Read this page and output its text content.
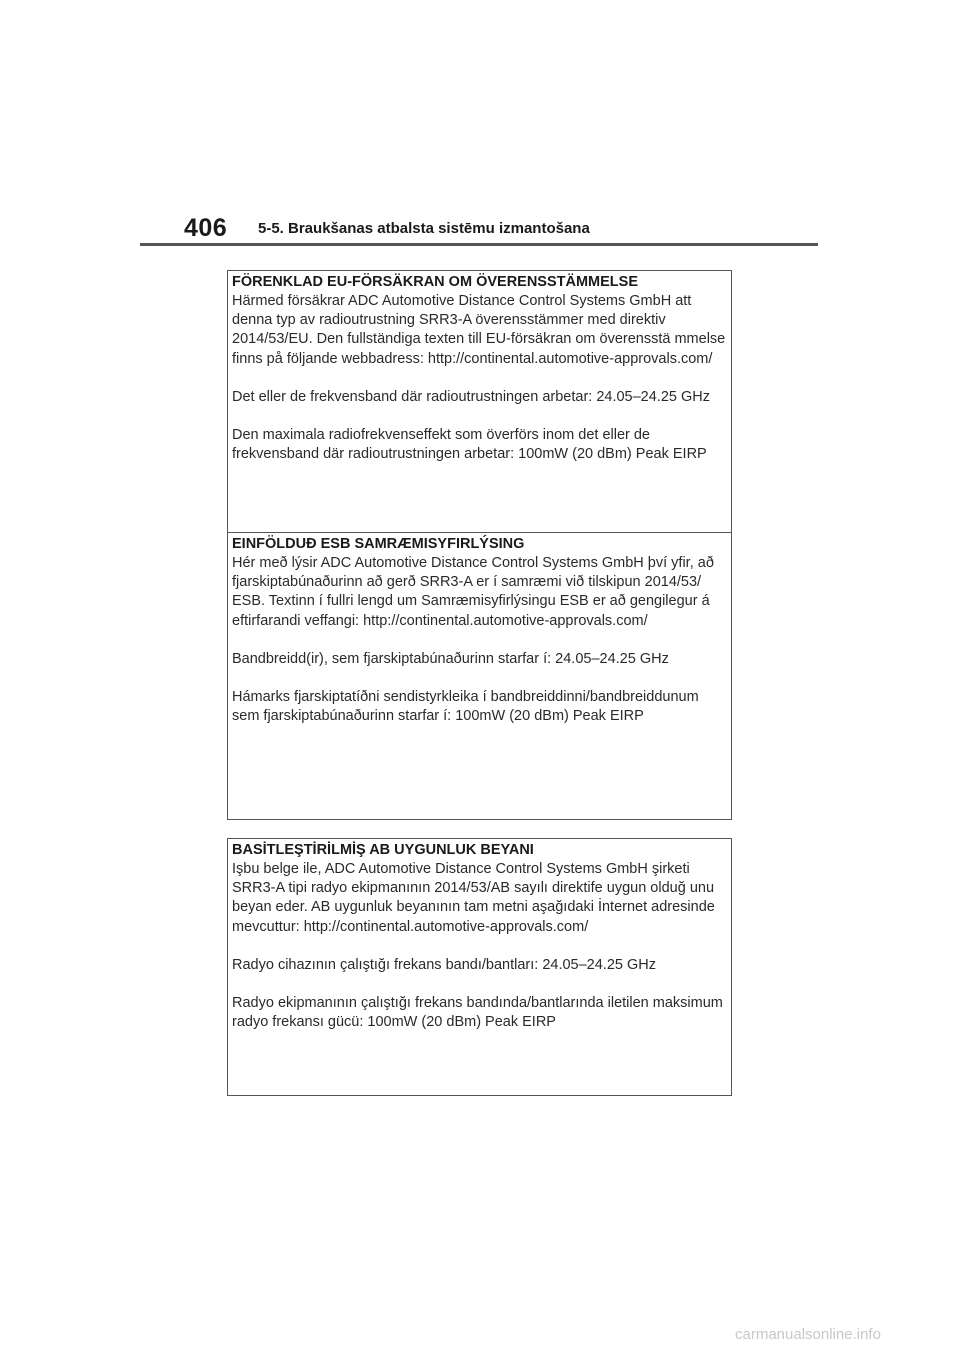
406 5-5. Braukšanas atbalsta sistēmu izmantošana
FÖRENKLAD EU-FÖRSÄKRAN OM ÖVERENSSTÄMMELSE

Härmed försäkrar ADC Automotive Distance Control Systems GmbH att denna typ av radioutrustning SRR3-A överensstämmer med direktiv 2014/53/EU. Den fullständiga texten till EU-försäkran om överensstä mmelse finns på följande webbadress: http://continental.automotive-approvals.com/

Det eller de frekvensband där radioutrustningen arbetar: 24.05–24.25 GHz

Den maximala radiofrekvenseffekt som överförs inom det eller de frekvensband där radioutrustningen arbetar: 100mW (20 dBm) Peak EIRP

EINFÖLDUÐ ESB SAMRÆMISYFIRLÝSING

Hér með lýsir ADC Automotive Distance Control Systems GmbH því yfir, að fjarskiptabúnaðurinn að gerð SRR3-A er í samræmi við tilskipun 2014/53/ ESB. Textinn í fullri lengd um Samræmisyfirlýsingu ESB er að gengilegur á eftirfarandi veffangi: http://continental.automotive-approvals.com/

Bandbreidd(ir), sem fjarskiptabúnaðurinn starfar í: 24.05–24.25 GHz

Hámarks fjarskiptatíðni sendistyrkleika í bandbreiddinni/bandbreiddunum sem fjarskiptabúnaðurinn starfar í: 100mW (20 dBm) Peak EIRP

BASİTLEŞTİRİLMİŞ AB UYGUNLUK BEYANI

Işbu belge ile, ADC Automotive Distance Control Systems GmbH şirketi SRR3-A tipi radyo ekipmanının 2014/53/AB sayılı direktife uygun olduğ unu beyan eder. AB uygunluk beyanının tam metni aşağıdaki İnternet adresinde mevcuttur: http://continental.automotive-approvals.com/

Radyo cihazının çalıştığı frekans bandı/bantları: 24.05–24.25 GHz

Radyo ekipmanının çalıştığı frekans bandında/bantlarında iletilen maksimum radyo frekansı gücü: 100mW (20 dBm) Peak EIRP

carmanualsonline.info
